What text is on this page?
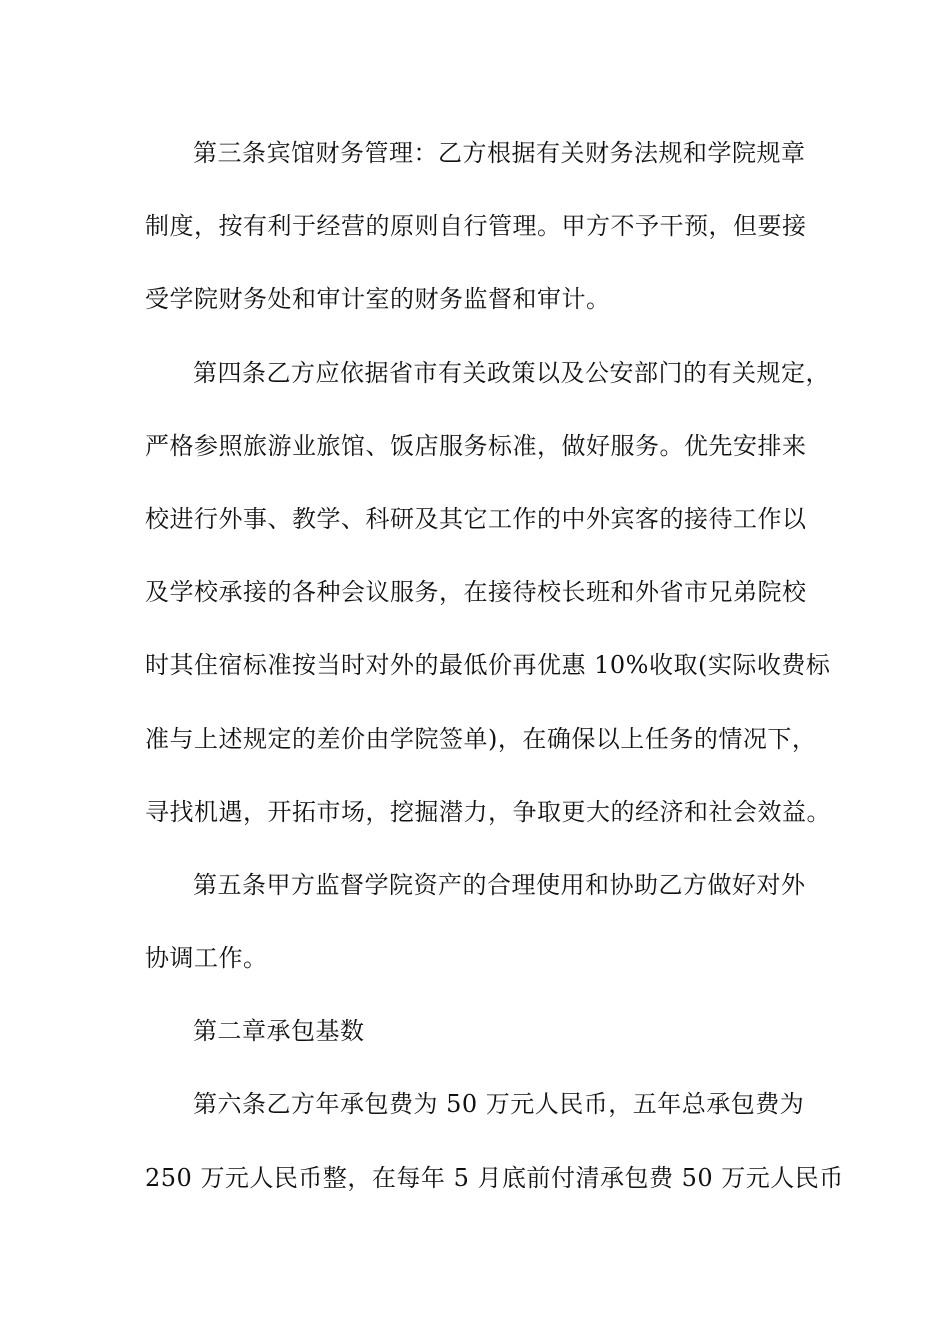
第三条宾馆财务管理：乙方根据有关财务法规和学院规章
制度，按有利于经营的原则自行管理。甲方不予干预，但要接
受学院财务处和审计室的财务监督和审计。
第四条乙方应依据省市有关政策以及公安部门的有关规定，
严格参照旅游业旅馆、饭店服务标准，做好服务。优先安排来
校进行外事、教学、科研及其它工作的中外宾客的接待工作以
及学校承接的各种会议服务，在接待校长班和外省市兄弟院校
时其住宿标准按当时对外的最低价再优惠 10%收取(实际收费标
准与上述规定的差价由学院签单)，在确保以上任务的情况下，
寻找机遇，开拓市场，挖掘潜力，争取更大的经济和社会效益。
第五条甲方监督学院资产的合理使用和协助乙方做好对外
协调工作。
第二章承包基数
第六条乙方年承包费为 50 万元人民币，五年总承包费为
250 万元人民币整，在每年 5 月底前付清承包费 50 万元人民币
